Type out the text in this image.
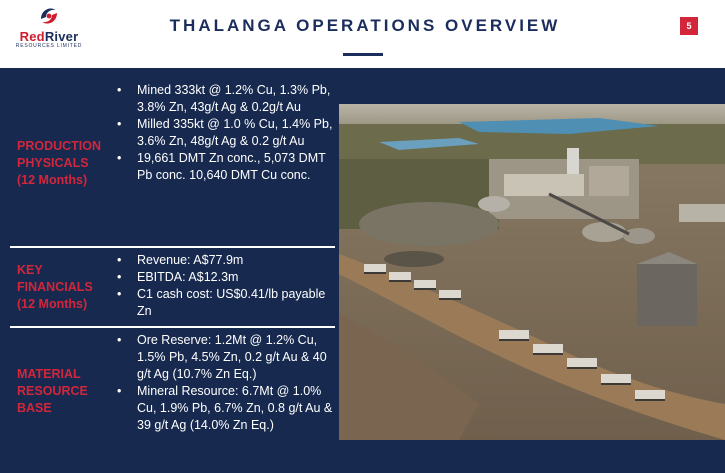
RedRiver
RESOURCES LIMITED
THALANGA OPERATIONS OVERVIEW	5
PRODUCTION
PHYSICALS
(12 Months)
• Mined 333kt @ 1.2% Cu, 1.3% Pb, 3.8% Zn, 43g/t Ag & 0.2g/t Au
• Milled 335kt @ 1.0 % Cu, 1.4% Pb, 3.6% Zn, 48g/t Ag & 0.2 g/t Au
• 19,661 DMT Zn conc., 5,073 DMT Pb conc. 10,640 DMT Cu conc.
KEY
FINANCIALS
(12 Months)
• Revenue: A$77.9m
• EBITDA: A$12.3m
• C1 cash cost: US$0.41/lb payable Zn
MATERIAL
RESOURCE
BASE
• Ore Reserve: 1.2Mt @ 1.2% Cu, 1.5% Pb, 4.5% Zn, 0.2 g/t Au & 40 g/t Ag (10.7% Zn Eq.)
• Mineral Resource: 6.7Mt @ 1.0% Cu, 1.9% Pb, 6.7% Zn, 0.8 g/t Au & 39 g/t Ag (14.0% Zn Eq.)
